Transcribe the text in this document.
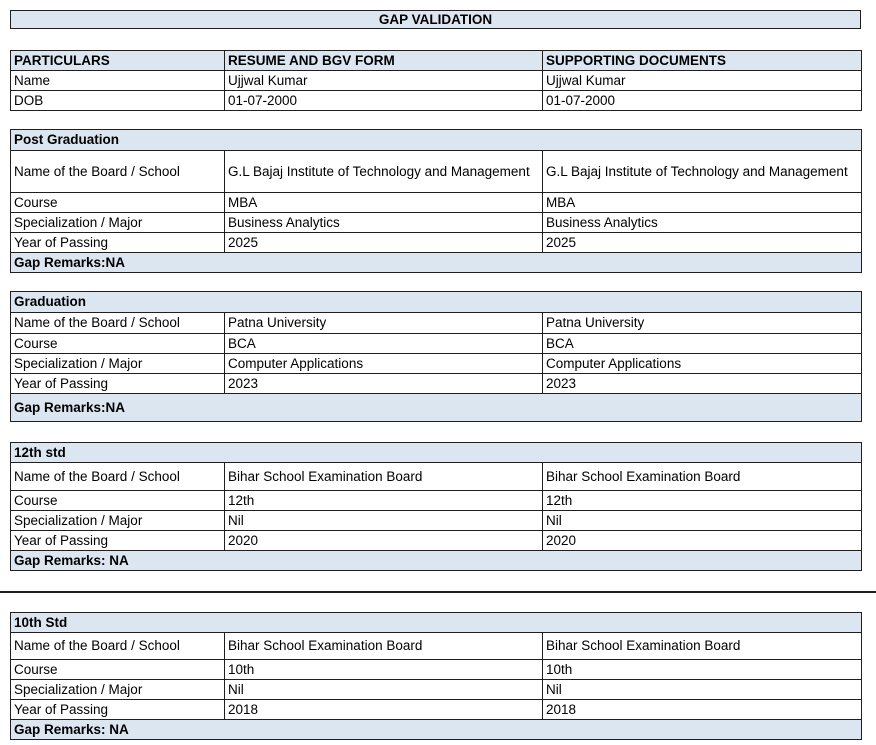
GAP VALIDATION
PARTICULARS	RESUME AND BGV FORM	SUPPORTING DOCUMENTS
Name	Ujjwal Kumar	Ujjwal Kumar
DOB	01-07-2000	01-07-2000
Post Graduation		
Name of the Board / School	G.L Bajaj Institute of Technology and Management	G.L Bajaj Institute of Technology and Management
Course	MBA	MBA
Specialization / Major	Business Analytics	Business Analytics
Year of Passing	2025	2025
Gap Remarks:NA		
Graduation		
Name of the Board / School	Patna University	Patna University
Course	BCA	BCA
Specialization / Major	Computer Applications	Computer Applications
Year of Passing	2023	2023
Gap Remarks:NA		
12th std		
Name of the Board / School	Bihar School Examination Board	Bihar School Examination Board
Course	12th	12th
Specialization / Major	Nil	Nil
Year of Passing	2020	2020
Gap Remarks: NA		
10th Std		
Name of the Board / School	Bihar School Examination Board	Bihar School Examination Board
Course	10th	10th
Specialization / Major	Nil	Nil
Year of Passing	2018	2018
Gap Remarks: NA		
